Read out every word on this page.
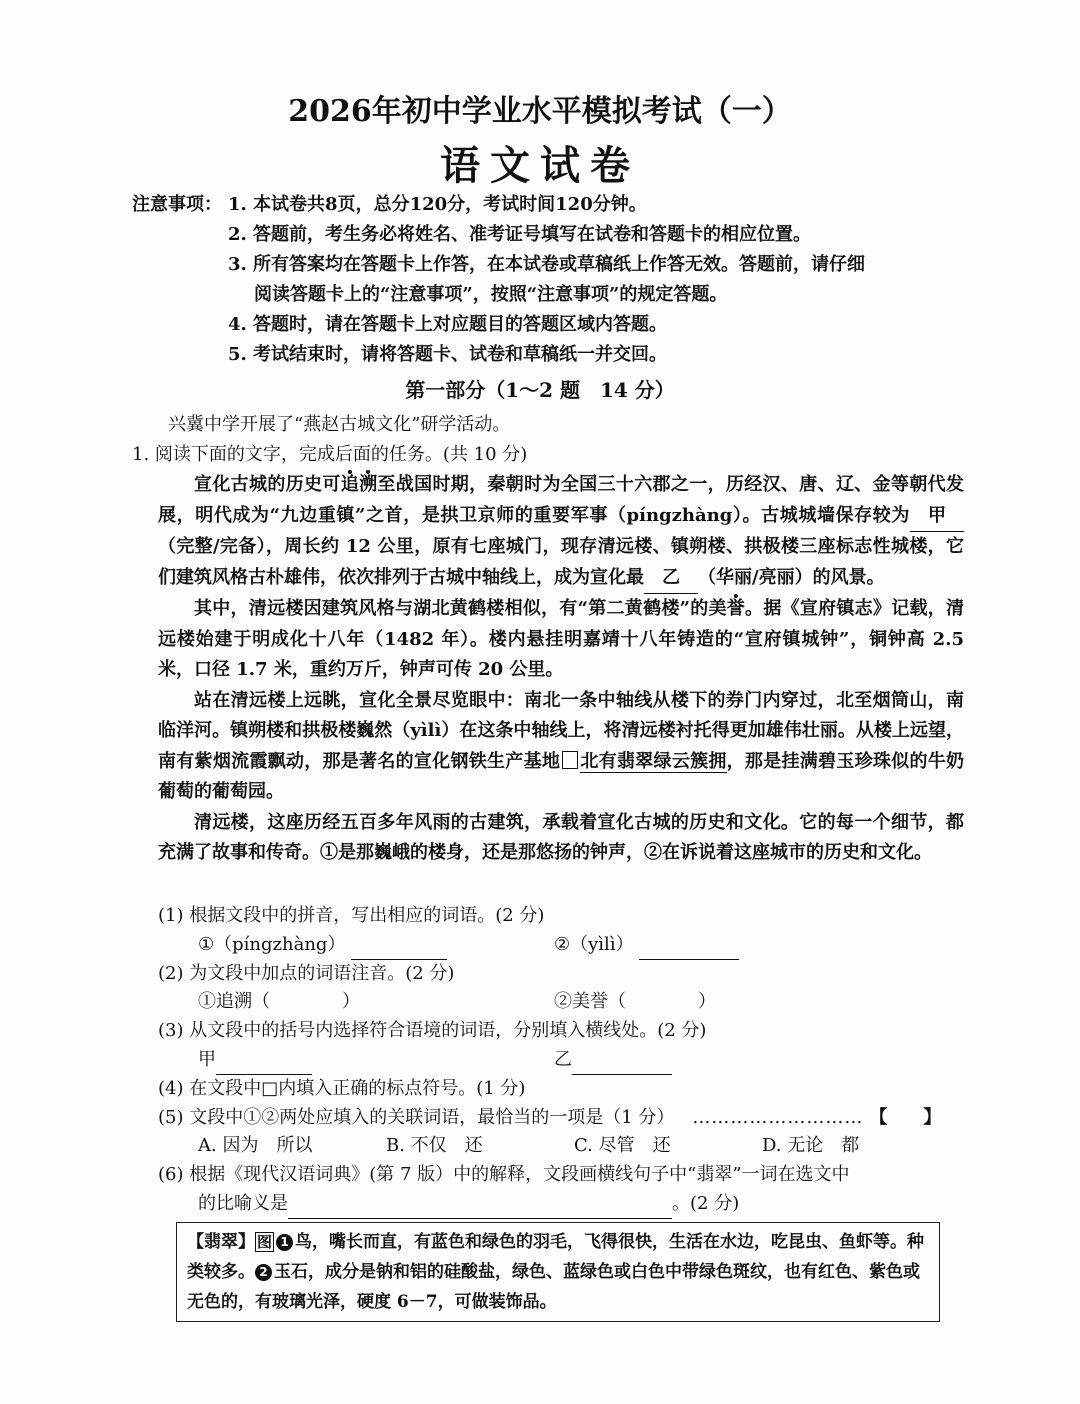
2026年初中学业水平模拟考试（一）
语文试卷
注意事项： 1. 本试卷共8页，总分120分，考试时间120分钟。
2. 答题前，考生务必将姓名、准考证号填写在试卷和答题卡的相应位置。
3. 所有答案均在答题卡上作答，在本试卷或草稿纸上作答无效。答题前，请仔细
阅读答题卡上的“注意事项”，按照“注意事项”的规定答题。
4. 答题时，请在答题卡上对应题目的答题区域内答题。
5. 考试结束时，请将答题卡、试卷和草稿纸一并交回。
第一部分（1～2 题　14 分）
兴冀中学开展了“燕赵古城文化”研学活动。
1. 阅读下面的文字，完成后面的任务。(共 10 分)

宣化古城的历史可追溯至战国时期，秦朝时为全国三十六郡之一，历经汉、唐、辽、金等朝代发展，明代成为“九边重镇”之首，是拱卫京师的重要军事（píngzhàng）。古城城墙保存较为 甲（完整/完备），周长约 12 公里，原有七座城门，现存清远楼、镇朔楼、拱极楼三座标志性城楼，它们建筑风格古朴雄伟，依次排列于古城中轴线上，成为宣化最 乙 （华丽/亮丽）的风景。

其中，清远楼因建筑风格与湖北黄鹤楼相似，有“第二黄鹤楼”的美誉。据《宣府镇志》记载，清远楼始建于明成化十八年（1482 年）。楼内悬挂明嘉靖十八年铸造的“宣府镇城钟”，铜钟高 2.5 米，口径 1.7 米，重约万斤，钟声可传 20 公里。

站在清远楼上远眺，宣化全景尽览眼中：南北一条中轴线从楼下的券门内穿过，北至烟筒山，南临洋河。镇朔楼和拱极楼巍然（yìlì）在这条中轴线上，将清远楼衬托得更加雄伟壮丽。从楼上远望，南有紫烟流霞飘动，那是著名的宣化钢铁生产基地 北有翡翠绿云簇拥，那是挂满碧玉珍珠似的牛奶葡萄的葡萄园。

清远楼，这座历经五百多年风雨的古建筑，承载着宣化古城的历史和文化。它的每一个细节，都充满了故事和传奇。①是那巍峨的楼身，还是那悠扬的钟声，②在诉说着这座城市的历史和文化。

(1) 根据文段中的拼音，写出相应的词语。(2 分)
①（píngzhàng）	②（yìlì）
(2) 为文段中加点的词语注音。(2 分)
①追溯（　　　　）	②美誉（　　　　）
(3) 从文段中的括号内选择符合语境的词语，分别填入横线处。(2 分)
甲	乙
(4) 在文段中□内填入正确的标点符号。(1 分)
(5) 文段中①②两处应填入的关联词语，最恰当的一项是（1 分） ……………………… 【　　】
A. 因为　所以	B. 不仅　还	C. 尽管　还	D. 无论　都
(6) 根据《现代汉语词典》(第 7 版）中的解释，文段画横线句子中“翡翠”一词在选文中
的比喻义是	。(2 分)
【翡翠】 图 1 鸟，嘴长而直，有蓝色和绿色的羽毛，飞得很快，生活在水边，吃昆虫、鱼虾等。种类较多。 2 玉石，成分是钠和铝的硅酸盐，绿色、蓝绿色或白色中带绿色斑纹，也有红色、紫色或无色的，有玻璃光泽，硬度 6－7，可做装饰品。
